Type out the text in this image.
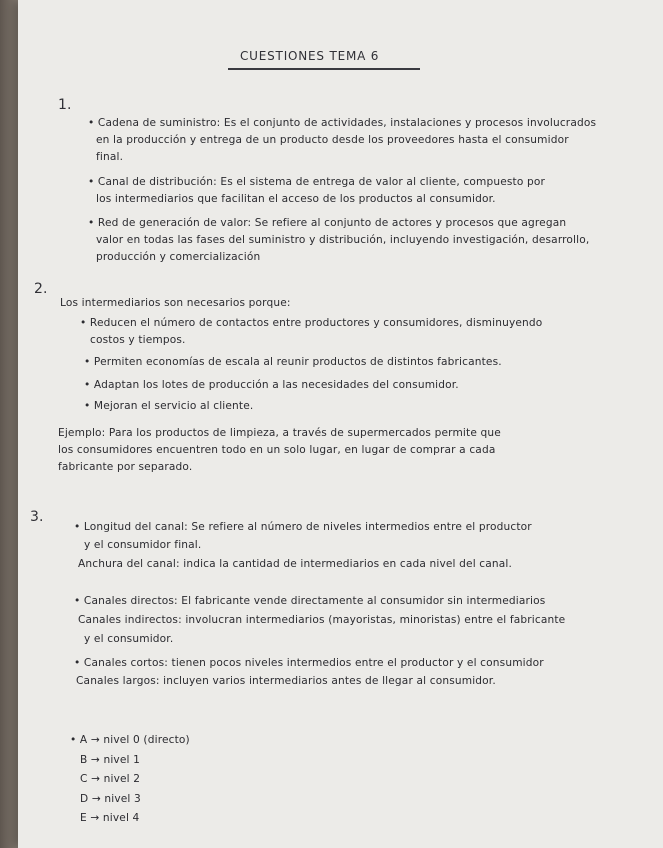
CUESTIONES TEMA 6
1.
• Cadena de suministro: Es el conjunto de actividades, instalaciones y procesos involucrados
en la producción y entrega de un producto desde los proveedores hasta el consumidor
final.
• Canal de distribución: Es el sistema de entrega de valor al cliente, compuesto por
los intermediarios que facilitan el acceso de los productos al consumidor.
• Red de generación de valor: Se refiere al conjunto de actores y procesos que agregan
valor en todas las fases del suministro y distribución, incluyendo investigación, desarrollo,
producción y comercialización
2.
Los intermediarios son necesarios porque:
• Reducen el número de contactos entre productores y consumidores, disminuyendo
costos y tiempos.
• Permiten economías de escala al reunir productos de distintos fabricantes.
• Adaptan los lotes de producción a las necesidades del consumidor.
• Mejoran el servicio al cliente.
Ejemplo: Para los productos de limpieza, a través de supermercados permite que
los consumidores encuentren todo en un solo lugar, en lugar de comprar a cada
fabricante por separado.
3.
• Longitud del canal: Se refiere al número de niveles intermedios entre el productor
y el consumidor final.
Anchura del canal: indica la cantidad de intermediarios en cada nivel del canal.
• Canales directos: El fabricante vende directamente al consumidor sin intermediarios
Canales indirectos: involucran intermediarios (mayoristas, minoristas) entre el fabricante
y el consumidor.
• Canales cortos: tienen pocos niveles intermedios entre el productor y el consumidor
Canales largos: incluyen varios intermediarios antes de llegar al consumidor.
• A → nivel 0 (directo)
B → nivel 1
C → nivel 2
D → nivel 3
E → nivel 4
